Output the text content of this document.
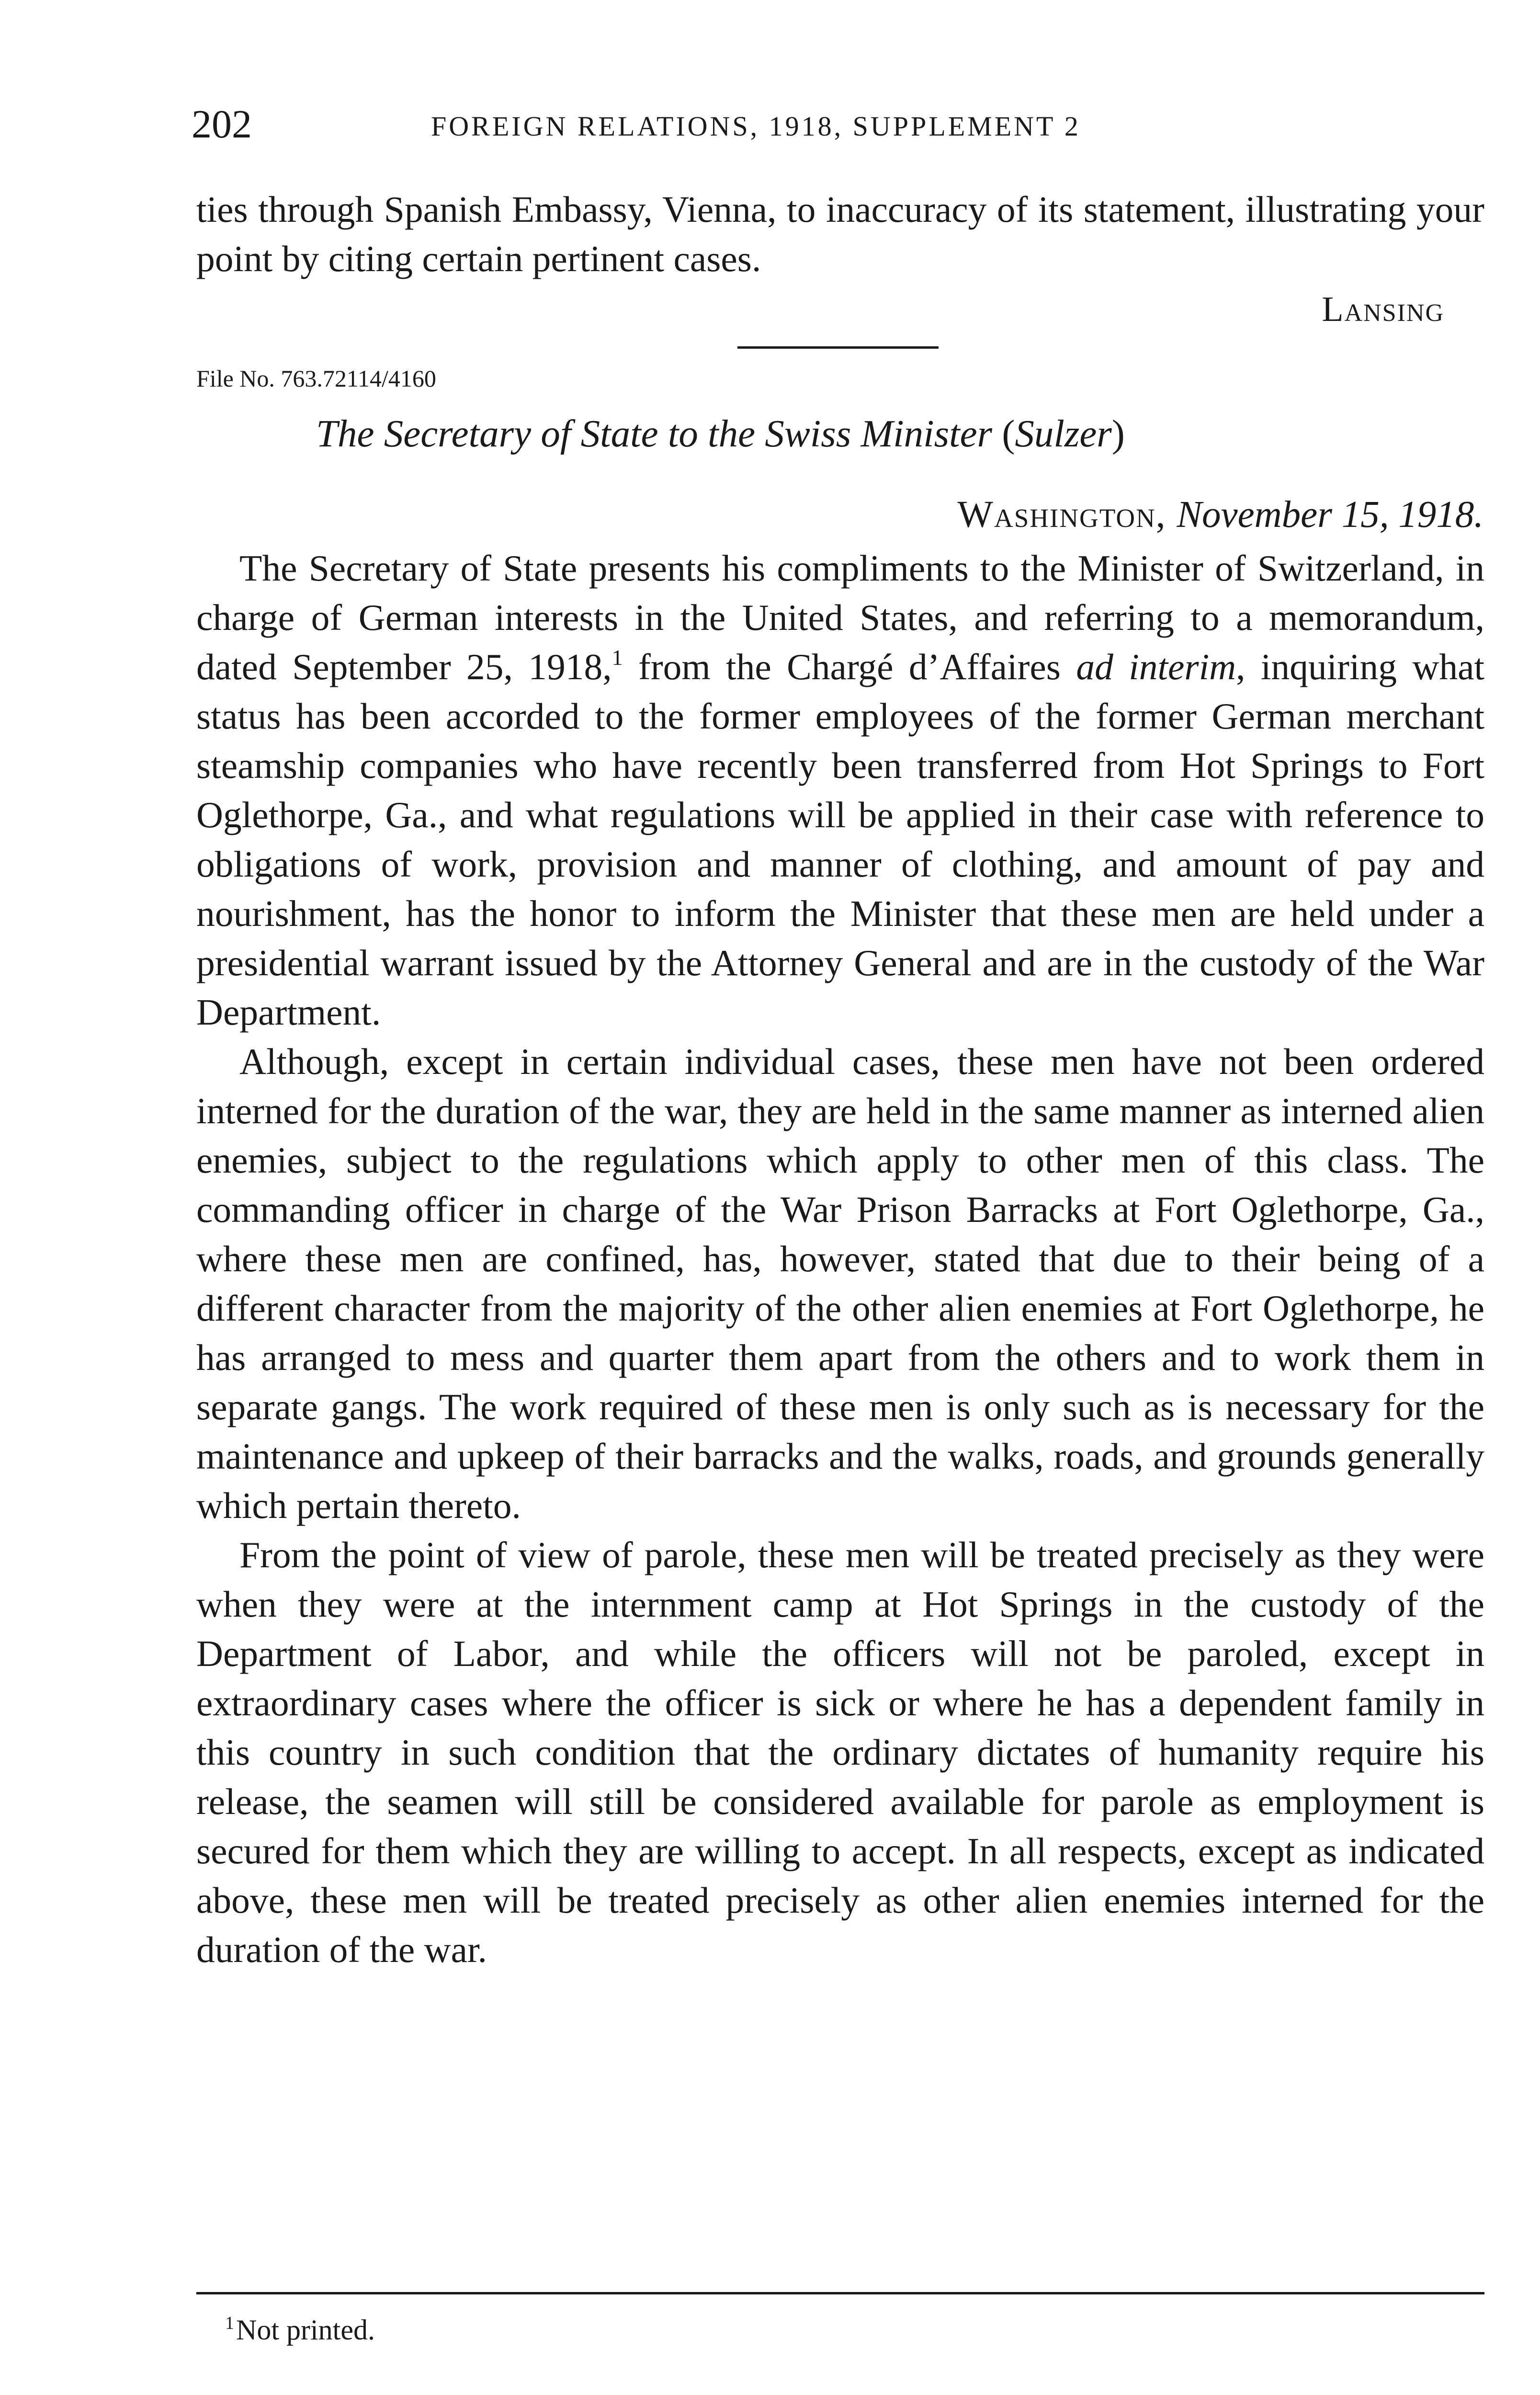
202	FOREIGN RELATIONS, 1918, SUPPLEMENT 2

ties through Spanish Embassy, Vienna, to inaccuracy of its statement, illustrating your point by citing certain pertinent cases.

Lansing
File No. 763.72114/4160
The Secretary of State to the Swiss Minister (Sulzer)
Washington, November 15, 1918.

The Secretary of State presents his compliments to the Minister of Switzerland, in charge of German interests in the United States, and referring to a memorandum, dated September 25, 1918,$^1$ from the Chargé d’Affaires ad interim, inquiring what status has been accorded to the former employees of the former German merchant steamship companies who have recently been transferred from Hot Springs to Fort Oglethorpe, Ga., and what regulations will be applied in their case with reference to obligations of work, provision and manner of clothing, and amount of pay and nourishment, has the honor to inform the Minister that these men are held under a presidential warrant issued by the Attorney General and are in the custody of the War Department.

Although, except in certain individual cases, these men have not been ordered interned for the duration of the war, they are held in the same manner as interned alien enemies, subject to the regulations which apply to other men of this class. The commanding officer in charge of the War Prison Barracks at Fort Oglethorpe, Ga., where these men are confined, has, however, stated that due to their being of a different character from the majority of the other alien enemies at Fort Oglethorpe, he has arranged to mess and quarter them apart from the others and to work them in separate gangs. The work required of these men is only such as is necessary for the maintenance and upkeep of their barracks and the walks, roads, and grounds generally which pertain thereto.

From the point of view of parole, these men will be treated precisely as they were when they were at the internment camp at Hot Springs in the custody of the Department of Labor, and while the officers will not be paroled, except in extraordinary cases where the officer is sick or where he has a dependent family in this country in such condition that the ordinary dictates of humanity require his release, the seamen will still be considered available for parole as employment is secured for them which they are willing to accept. In all respects, except as indicated above, these men will be treated precisely as other alien enemies interned for the duration of the war.

$^1$Not printed.
